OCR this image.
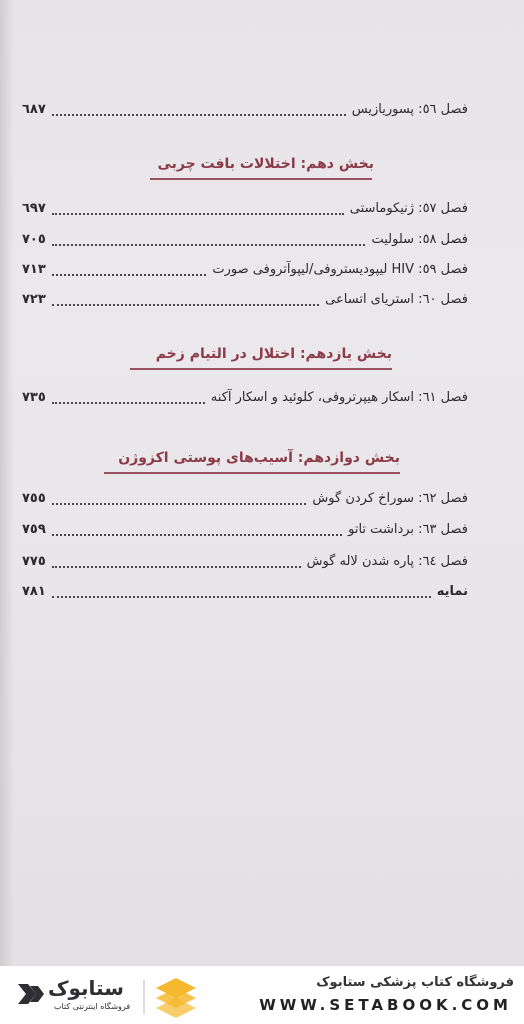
فصل ٥٦: پسوریازیس
٦٨٧
بخش دهم: اختلالات بافت چربی
فصل ٥٧: ژنیکوماستی
٦٩٧
فصل ٥٨: سلولیت
٧٠٥
فصل ٥٩: HIV لیپودیستروفی/لیپوآتروفی صورت
٧١٣
فصل ٦٠: استریای اتساعی
٧٢٣
بخش یازدهم: اختلال در التیام زخم
فصل ٦١: اسکار هیپرتروفی، کلوئید و اسکار آکنه
٧٣٥
بخش دوازدهم: آسیب‌های پوستی اکزوژن
فصل ٦٢: سوراخ کردن گوش
٧٥٥
فصل ٦٣: برداشت تاتو
٧٥٩
فصل ٦٤: پاره شدن لاله گوش
٧٧٥
نمایه
٧٨١
فروشگاه کتاب پزشکی ستابوک
WWW.SETABOOK.COM
ستابوک
فروشگاه اینترنتی کتاب
